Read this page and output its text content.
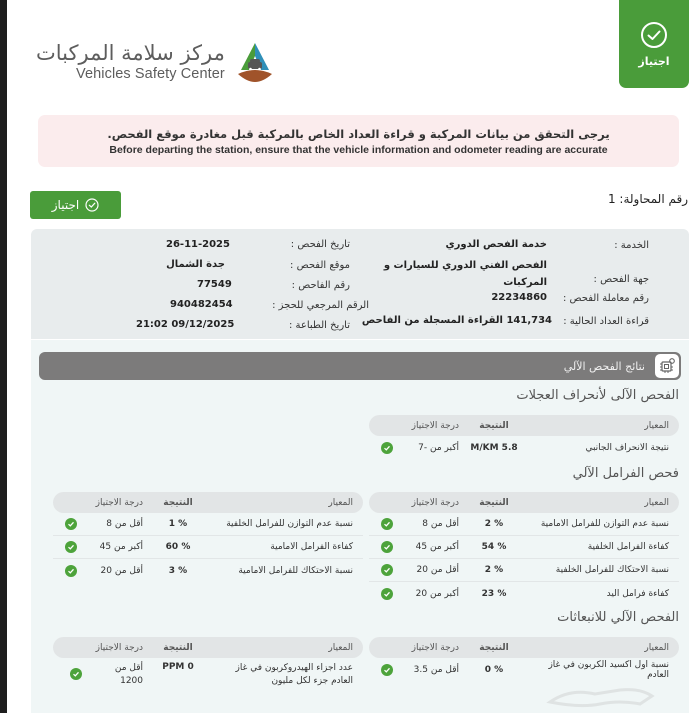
مركز سلامة المركبات
Vehicles Safety Center
اجتياز
يرجى التحقق من بيانات المركبة و قراءة العداد الخاص بالمركبة قبل مغادرة موقع الفحص.
Before departing the station, ensure that the vehicle information and odometer reading are accurate
رقم المحاولة: 1
اجتياز
الخدمة :
خدمة الفحص الدوري
جهة الفحص :
الفحص الفني الدوري للسيارات و المركبات
رقم معاملة الفحص :
22234860
قراءة العداد الحالية :
141,734 القراءة المسجلة من الفاحص
تاريخ الفحص :
26-11-2025
موقع الفحص :
جدة الشمال
رقم الفاحص :
77549
الرقم المرجعي للحجز :
940482454
تاريخ الطباعة :
21:02 09/12/2025
نتائج الفحص الآلي
الفحص الآلى لأنحراف العجلات
المعيار
النتيجة
درجة الاجتياز
نتيجة الانحراف الجانبي
M/KM 5.8
أكبر من -7
فحص الفرامل الآلي
المعيار
النتيجة
درجة الاجتياز
نسبة عدم التوازن للفرامل الامامية
% 2
أقل من 8
كفاءة الفرامل الخلفية
% 54
أكبر من 45
نسبة الاحتكاك للفرامل الخلفية
% 2
أقل من 20
كفاءة فرامل اليد
% 23
أكبر من 20
المعيار
النتيجة
درجة الاجتياز
نسبة عدم التوازن للفرامل الخلفية
% 1
أقل من 8
كفاءة الفرامل الامامية
% 60
أكبر من 45
نسبة الاحتكاك للفرامل الامامية
% 3
أقل من 20
الفحص الآلي للانبعاثات
المعيار
النتيجة
درجة الاجتياز
نسبة اول اكسيد الكربون في غاز العادم
% 0
أقل من 3.5
المعيار
النتيجة
درجة الاجتياز
عدد اجزاء الهيدروكربون في غاز العادم جزء لكل مليون
PPM 0
أقل من 1200
